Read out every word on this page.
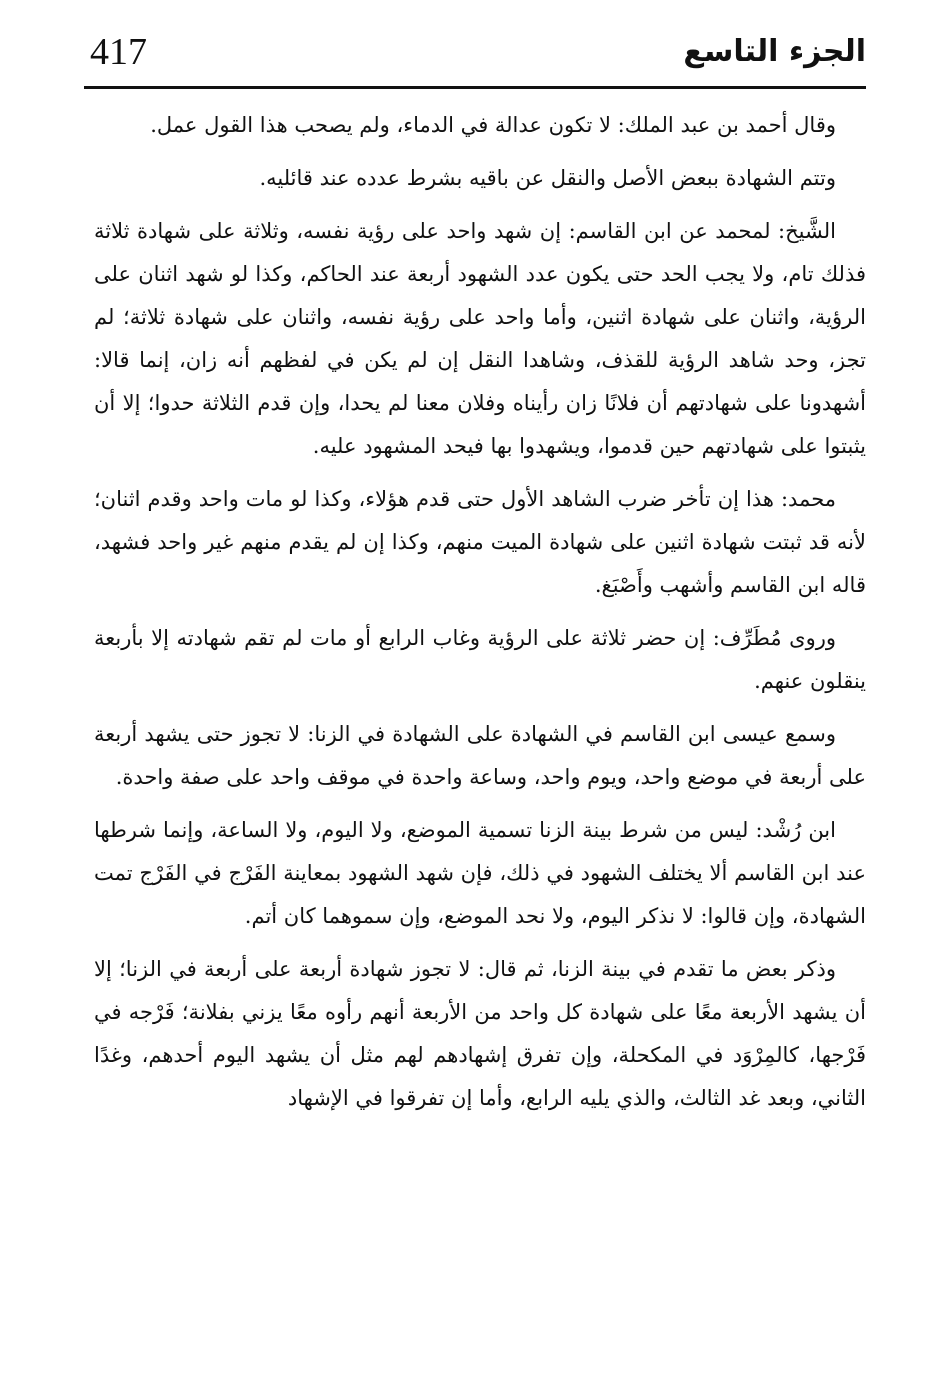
417	الجزء التاسع

وقال أحمد بن عبد الملك: لا تكون عدالة في الدماء، ولم يصحب هذا القول عمل.

وتتم الشهادة ببعض الأصل والنقل عن باقيه بشرط عدده عند قائليه.

الشَّيخ: لمحمد عن ابن القاسم: إن شهد واحد على رؤية نفسه، وثلاثة على شهادة ثلاثة فذلك تام، ولا يجب الحد حتى يكون عدد الشهود أربعة عند الحاكم، وكذا لو شهد اثنان على الرؤية، واثنان على شهادة اثنين، وأما واحد على رؤية نفسه، واثنان على شهادة ثلاثة؛ لم تجز، وحد شاهد الرؤية للقذف، وشاهدا النقل إن لم يكن في لفظهم أنه زان، إنما قالا: أشهدونا على شهادتهم أن فلانًا زان رأيناه وفلان معنا لم يحدا، وإن قدم الثلاثة حدوا؛ إلا أن يثبتوا على شهادتهم حين قدموا، ويشهدوا بها فيحد المشهود عليه.

محمد: هذا إن تأخر ضرب الشاهد الأول حتى قدم هؤلاء، وكذا لو مات واحد وقدم اثنان؛ لأنه قد ثبتت شهادة اثنين على شهادة الميت منهم، وكذا إن لم يقدم منهم غير واحد فشهد، قاله ابن القاسم وأشهب وأَصْبَغ.

وروى مُطَرِّف: إن حضر ثلاثة على الرؤية وغاب الرابع أو مات لم تقم شهادته إلا بأربعة ينقلون عنهم.

وسمع عيسى ابن القاسم في الشهادة على الشهادة في الزنا: لا تجوز حتى يشهد أربعة على أربعة في موضع واحد، ويوم واحد، وساعة واحدة في موقف واحد على صفة واحدة.

ابن رُشْد: ليس من شرط بينة الزنا تسمية الموضع، ولا اليوم، ولا الساعة، وإنما شرطها عند ابن القاسم ألا يختلف الشهود في ذلك، فإن شهد الشهود بمعاينة الفَرْج في الفَرْج تمت الشهادة، وإن قالوا: لا نذكر اليوم، ولا نحد الموضع، وإن سموهما كان أتم.

وذكر بعض ما تقدم في بينة الزنا، ثم قال: لا تجوز شهادة أربعة على أربعة في الزنا؛ إلا أن يشهد الأربعة معًا على شهادة كل واحد من الأربعة أنهم رأوه معًا يزني بفلانة؛ فَرْجه في فَرْجها، كالمِرْوَد في المكحلة، وإن تفرق إشهادهم لهم مثل أن يشهد اليوم أحدهم، وغدًا الثاني، وبعد غد الثالث، والذي يليه الرابع، وأما إن تفرقوا في الإشهاد
